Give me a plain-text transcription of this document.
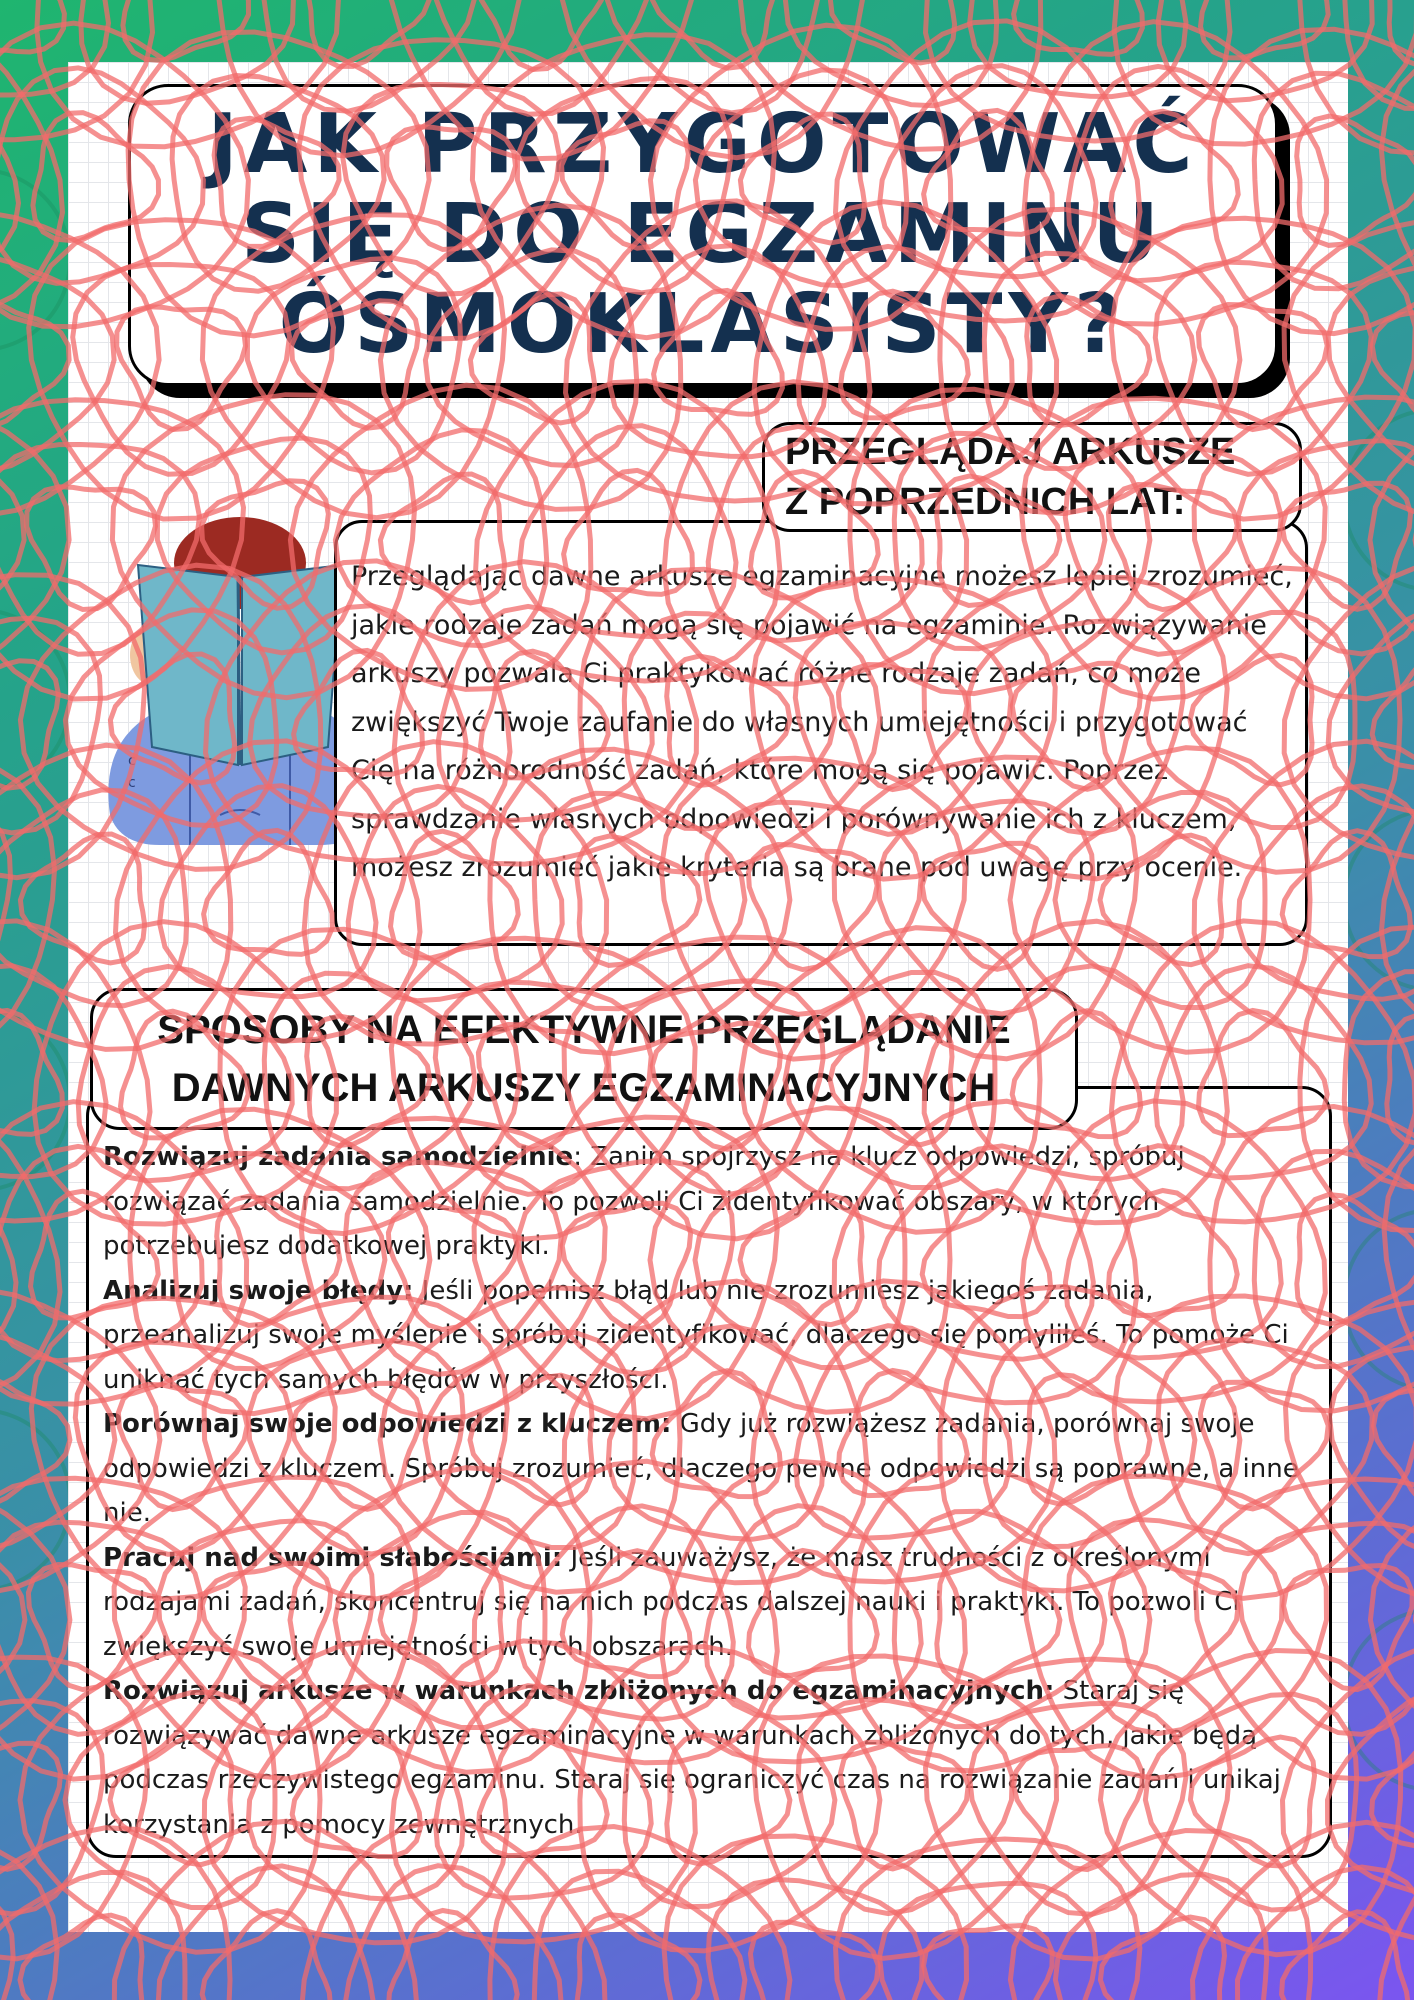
JAK PRZYGOTOWAĆ
SIĘ DO EGZAMINU
ÓSMOKLASISTY?
c
c

Przeglądając dawne arkusze egzaminacyjne możesz lepiej zrozumieć, jakie rodzaje zadań mogą się pojawić na egzaminie. Rozwiązywanie arkuszy pozwala Ci praktykować różne rodzaje zadań, co może zwiększyć Twoje zaufanie do własnych umiejętności i przygotować Cię na różnorodność zadań, które mogą się pojawić. Poprzez sprawdzanie własnych odpowiedzi i porównywanie ich z kluczem, możesz zrozumieć jakie kryteria są brane pod uwagę przy ocenie.

PRZEGLĄDAJ ARKUSZE
Z POPRZEDNICH LAT:

Rozwiązuj zadania samodzielnie: Zanim spojrzysz na klucz odpowiedzi, spróbuj rozwiązać zadania samodzielnie. To pozwoli Ci zidentyfikować obszary, w których potrzebujesz dodatkowej praktyki.
Analizuj swoje błędy: Jeśli popełnisz błąd lub nie zrozumiesz jakiegoś zadania, przeanalizuj swoje myślenie i spróbuj zidentyfikować, dlaczego się pomyliłeś. To pomoże Ci uniknąć tych samych błędów w przyszłości.
Porównaj swoje odpowiedzi z kluczem: Gdy już rozwiążesz zadania, porównaj swoje odpowiedzi z kluczem. Spróbuj zrozumieć, dlaczego pewne odpowiedzi są poprawne, a inne nie.
Pracuj nad swoimi słabościami: Jeśli zauważysz, że masz trudności z określonymi rodzajami zadań, skoncentruj się na nich podczas dalszej nauki i praktyki. To pozwoli Ci zwiększyć swoje umiejętności w tych obszarach.
Rozwiązuj arkusze w warunkach zbliżonych do egzaminacyjnych: Staraj się rozwiązywać dawne arkusze egzaminacyjne w warunkach zbliżonych do tych, jakie będą podczas rzeczywistego egzaminu. Staraj się ograniczyć czas na rozwiązanie zadań i unikaj korzystania z pomocy zewnętrznych.

SPOSOBY NA EFEKTYWNE PRZEGLĄDANIE
DAWNYCH ARKUSZY EGZAMINACYJNYCH
